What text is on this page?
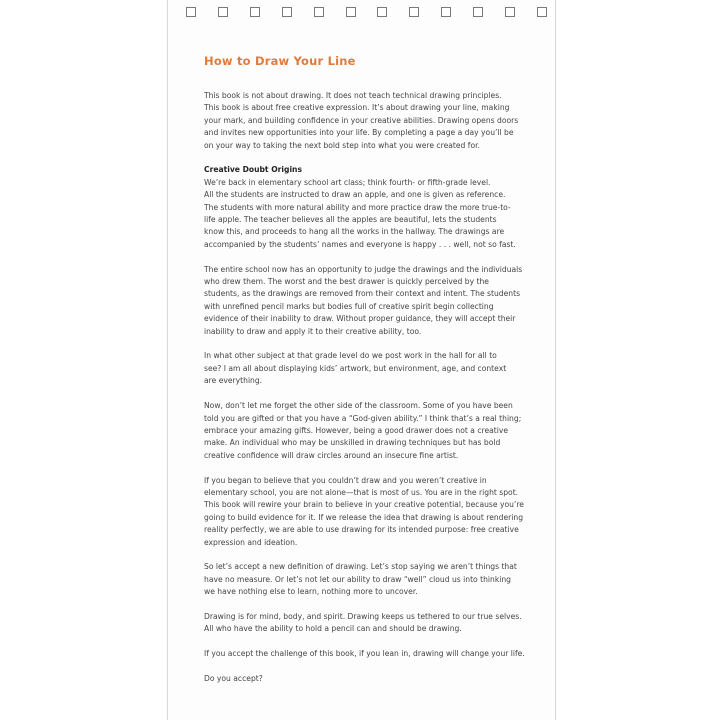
How to Draw Your Line

This book is not about drawing. It does not teach technical drawing principles.
This book is about free creative expression. It’s about drawing your line, making
your mark, and building confidence in your creative abilities. Drawing opens doors
and invites new opportunities into your life. By completing a page a day you’ll be
on your way to taking the next bold step into what you were created for.

Creative Doubt Origins
We’re back in elementary school art class; think fourth- or fifth-grade level.
All the students are instructed to draw an apple, and one is given as reference.
The students with more natural ability and more practice draw the more true-to-
life apple. The teacher believes all the apples are beautiful, lets the students
know this, and proceeds to hang all the works in the hallway. The drawings are
accompanied by the students’ names and everyone is happy . . . well, not so fast.

The entire school now has an opportunity to judge the drawings and the individuals
who drew them. The worst and the best drawer is quickly perceived by the
students, as the drawings are removed from their context and intent. The students
with unrefined pencil marks but bodies full of creative spirit begin collecting
evidence of their inability to draw. Without proper guidance, they will accept their
inability to draw and apply it to their creative ability, too.

In what other subject at that grade level do we post work in the hall for all to
see? I am all about displaying kids’ artwork, but environment, age, and context
are everything.

Now, don’t let me forget the other side of the classroom. Some of you have been
told you are gifted or that you have a “God-given ability.” I think that’s a real thing;
embrace your amazing gifts. However, being a good drawer does not a creative
make. An individual who may be unskilled in drawing techniques but has bold
creative confidence will draw circles around an insecure fine artist.

If you began to believe that you couldn’t draw and you weren’t creative in
elementary school, you are not alone—that is most of us. You are in the right spot.
This book will rewire your brain to believe in your creative potential, because you’re
going to build evidence for it. If we release the idea that drawing is about rendering
reality perfectly, we are able to use drawing for its intended purpose: free creative
expression and ideation.

So let’s accept a new definition of drawing. Let’s stop saying we aren’t things that
have no measure. Or let’s not let our ability to draw “well” cloud us into thinking
we have nothing else to learn, nothing more to uncover.

Drawing is for mind, body, and spirit. Drawing keeps us tethered to our true selves.
All who have the ability to hold a pencil can and should be drawing.

If you accept the challenge of this book, if you lean in, drawing will change your life.

Do you accept?
